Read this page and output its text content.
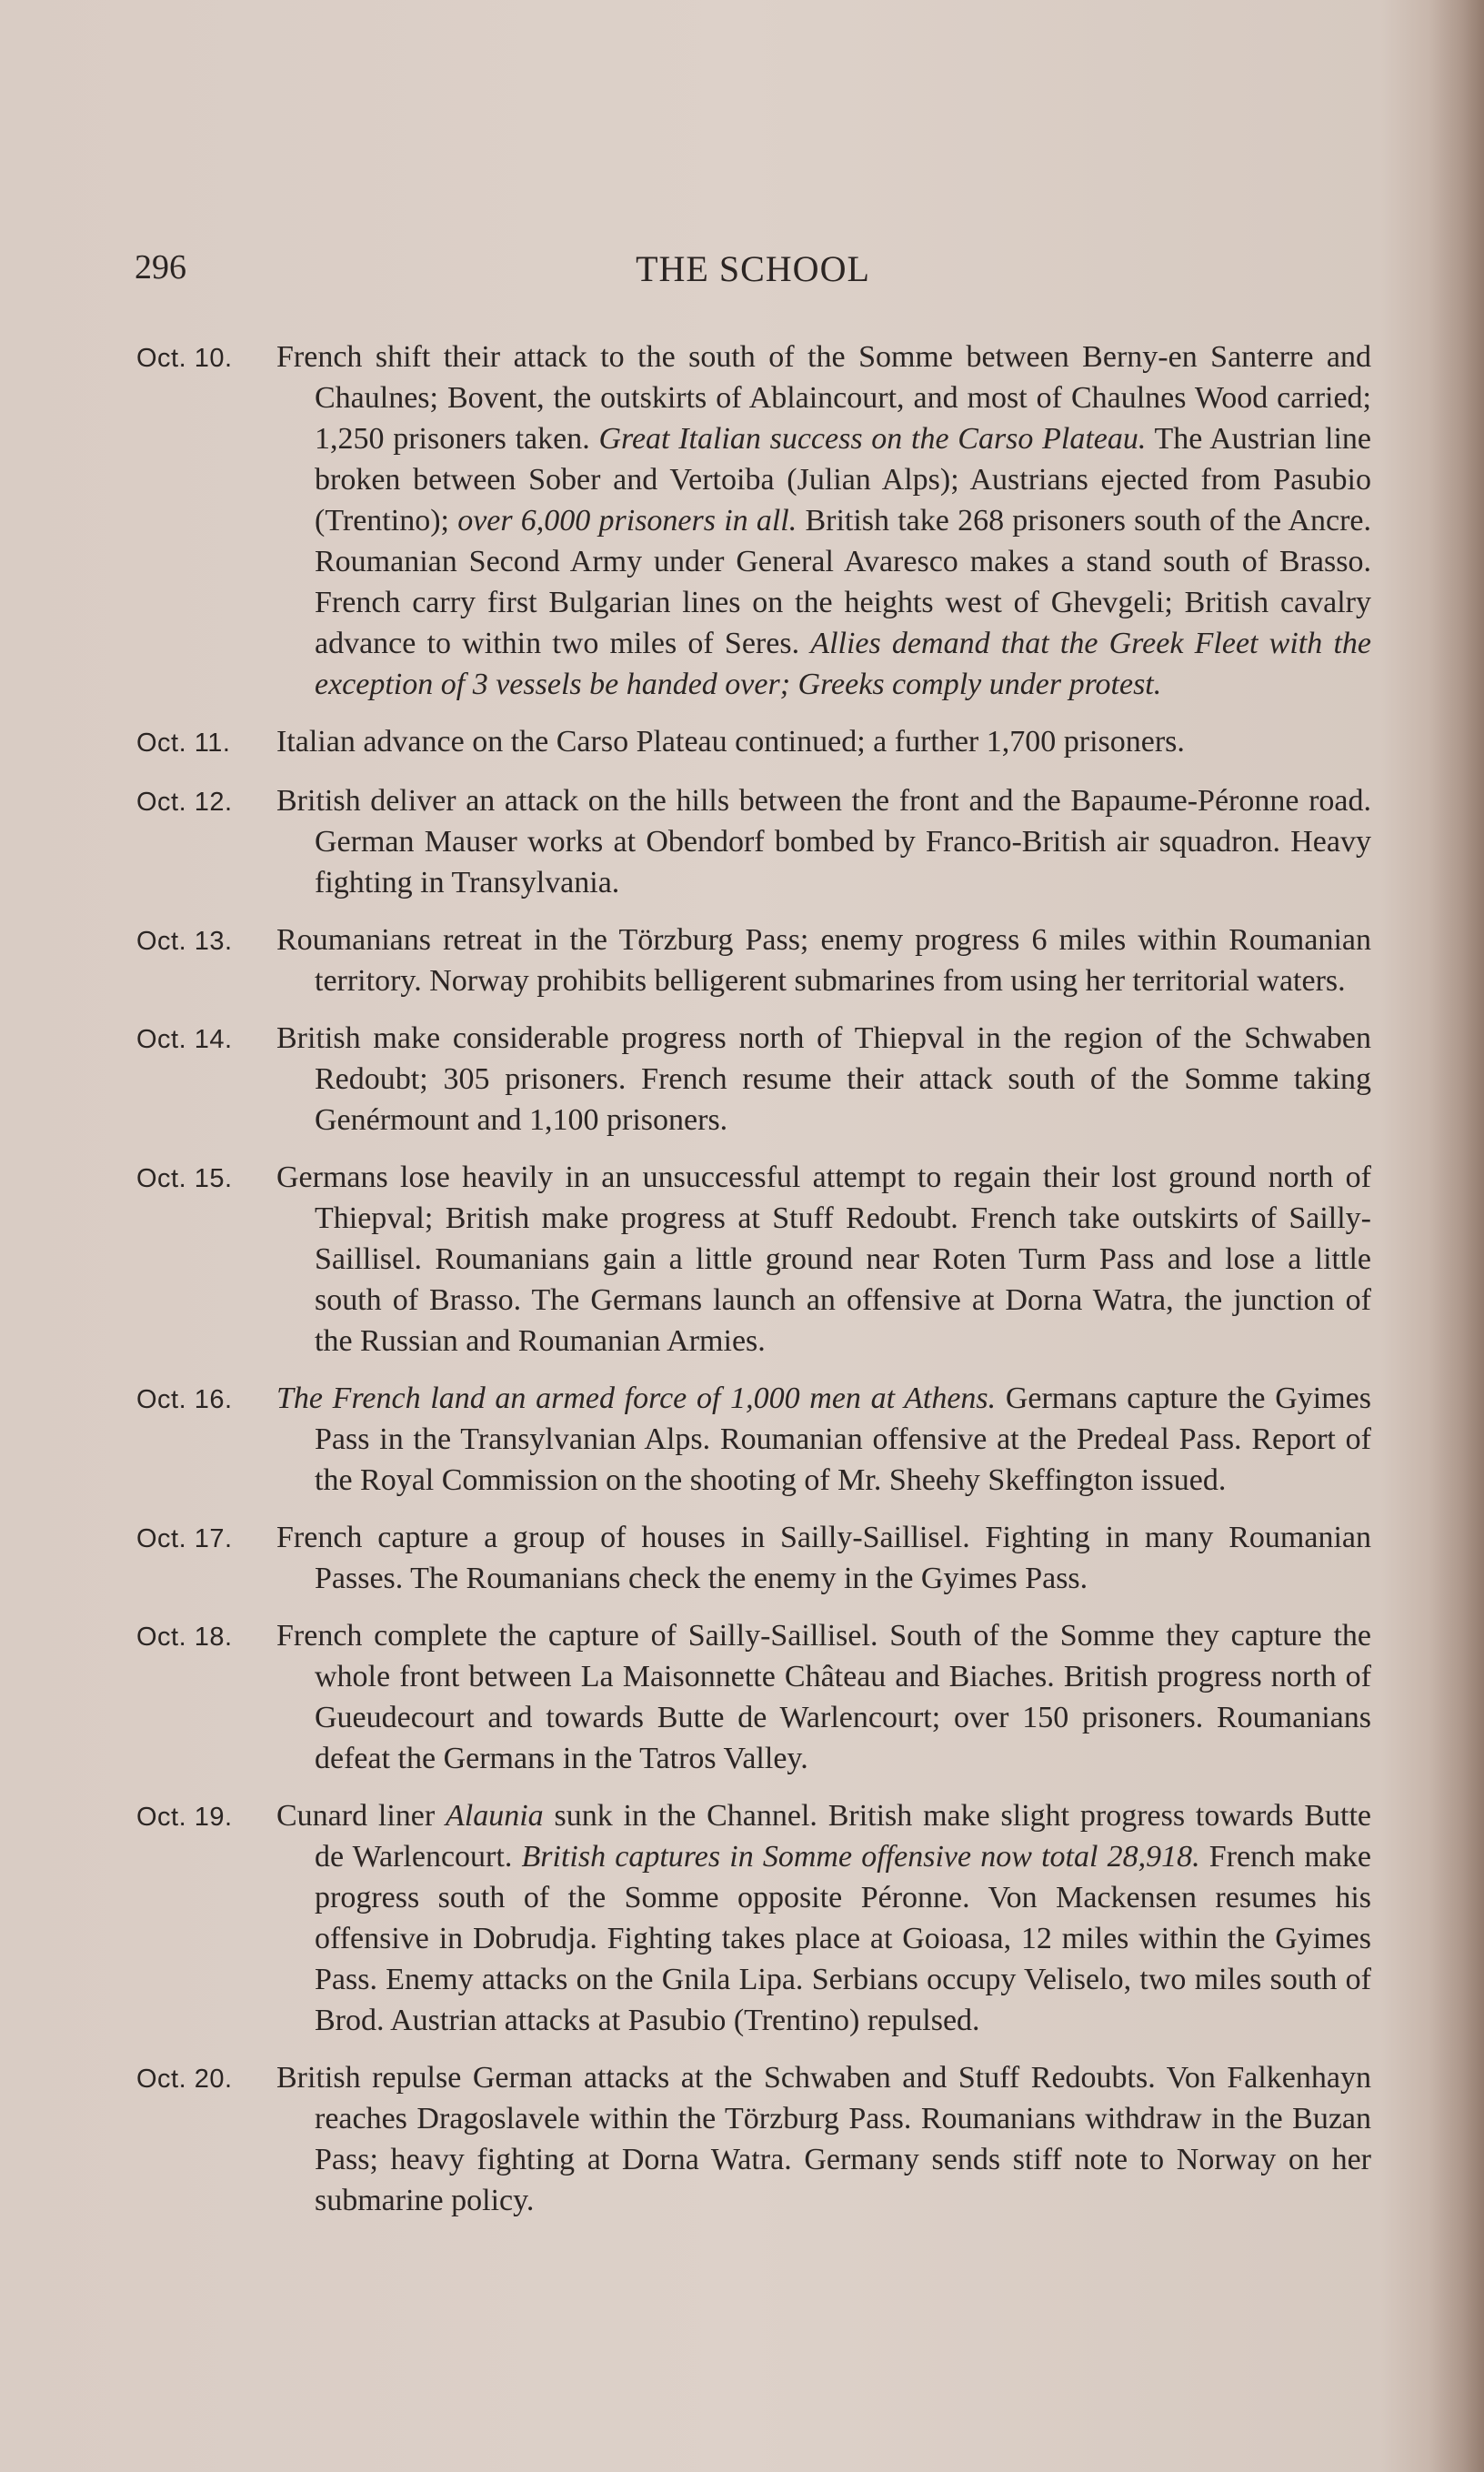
296	THE SCHOOL
Oct. 10.	French shift their attack to the south of the Somme between Berny-en Santerre and Chaulnes; Bovent, the outskirts of Ablaincourt, and most of Chaulnes Wood carried; 1,250 prisoners taken. Great Italian success on the Carso Plateau. The Austrian line broken between Sober and Vertoiba (Julian Alps); Austrians ejected from Pasubio (Trentino); over 6,000 prisoners in all. British take 268 prisoners south of the Ancre. Roumanian Second Army under General Avaresco makes a stand south of Brasso. French carry first Bulgarian lines on the heights west of Ghevgeli; British cavalry advance to within two miles of Seres. Allies demand that the Greek Fleet with the exception of 3 vessels be handed over; Greeks comply under protest.
Oct. 11.	Italian advance on the Carso Plateau continued; a further 1,700 prisoners.
Oct. 12.	British deliver an attack on the hills between the front and the Bapaume-Péronne road. German Mauser works at Obendorf bombed by Franco-British air squadron. Heavy fighting in Transylvania.
Oct. 13.	Roumanians retreat in the Törzburg Pass; enemy progress 6 miles within Roumanian territory. Norway prohibits belligerent submarines from using her territorial waters.
Oct. 14.	British make considerable progress north of Thiepval in the region of the Schwaben Redoubt; 305 prisoners. French resume their attack south of the Somme taking Genérmount and 1,100 prisoners.
Oct. 15.	Germans lose heavily in an unsuccessful attempt to regain their lost ground north of Thiepval; British make progress at Stuff Redoubt. French take outskirts of Sailly-Saillisel. Roumanians gain a little ground near Roten Turm Pass and lose a little south of Brasso. The Germans launch an offensive at Dorna Watra, the junction of the Russian and Roumanian Armies.
Oct. 16.	The French land an armed force of 1,000 men at Athens. Germans capture the Gyimes Pass in the Transylvanian Alps. Roumanian offensive at the Predeal Pass. Report of the Royal Commission on the shooting of Mr. Sheehy Skeffington issued.
Oct. 17.	French capture a group of houses in Sailly-Saillisel. Fighting in many Roumanian Passes. The Roumanians check the enemy in the Gyimes Pass.
Oct. 18.	French complete the capture of Sailly-Saillisel. South of the Somme they capture the whole front between La Maisonnette Château and Biaches. British progress north of Gueudecourt and towards Butte de Warlencourt; over 150 prisoners. Roumanians defeat the Germans in the Tatros Valley.
Oct. 19.	Cunard liner Alaunia sunk in the Channel. British make slight progress towards Butte de Warlencourt. British captures in Somme offensive now total 28,918. French make progress south of the Somme opposite Péronne. Von Mackensen resumes his offensive in Dobrudja. Fighting takes place at Goioasa, 12 miles within the Gyimes Pass. Enemy attacks on the Gnila Lipa. Serbians occupy Veliselo, two miles south of Brod. Austrian attacks at Pasubio (Trentino) repulsed.
Oct. 20.	British repulse German attacks at the Schwaben and Stuff Redoubts. Von Falkenhayn reaches Dragoslavele within the Törzburg Pass. Roumanians withdraw in the Buzan Pass; heavy fighting at Dorna Watra. Germany sends stiff note to Norway on her submarine policy.
